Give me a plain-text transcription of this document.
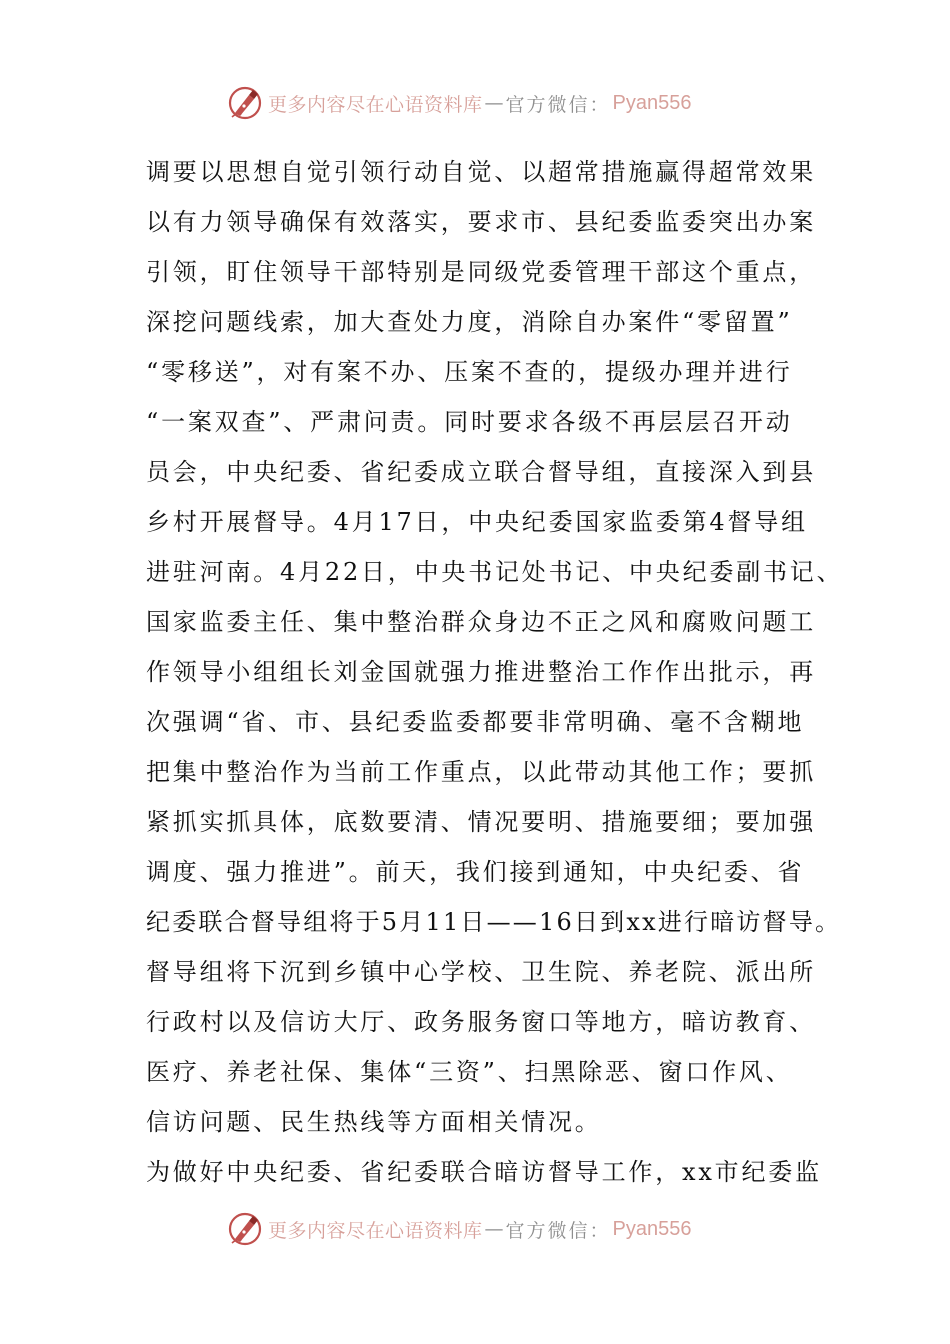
更多内容尽在心语资料库 — 官方微信： Pyan556
调要以思想自觉引领行动自觉、以超常措施赢得超常效果
以有力领导确保有效落实，要求市、县纪委监委突出办案
引领，盯住领导干部特别是同级党委管理干部这个重点，
深挖问题线索，加大查处力度，消除自办案件“零留置”
“零移送”，对有案不办、压案不查的，提级办理并进行
“一案双查”、严肃问责。同时要求各级不再层层召开动
员会，中央纪委、省纪委成立联合督导组，直接深入到县
乡村开展督导。4月17日，中央纪委国家监委第4督导组
进驻河南。4月22日，中央书记处书记、中央纪委副书记、
国家监委主任、集中整治群众身边不正之风和腐败问题工
作领导小组组长刘金国就强力推进整治工作作出批示，再
次强调“省、市、县纪委监委都要非常明确、毫不含糊地
把集中整治作为当前工作重点，以此带动其他工作；要抓
紧抓实抓具体，底数要清、情况要明、措施要细；要加强
调度、强力推进”。前天，我们接到通知，中央纪委、省
纪委联合督导组将于5月11日——16日到xx进行暗访督导。
督导组将下沉到乡镇中心学校、卫生院、养老院、派出所
行政村以及信访大厅、政务服务窗口等地方，暗访教育、
医疗、养老社保、集体“三资”、扫黑除恶、窗口作风、
信访问题、民生热线等方面相关情况。
为做好中央纪委、省纪委联合暗访督导工作，xx市纪委监
更多内容尽在心语资料库 — 官方微信： Pyan556
